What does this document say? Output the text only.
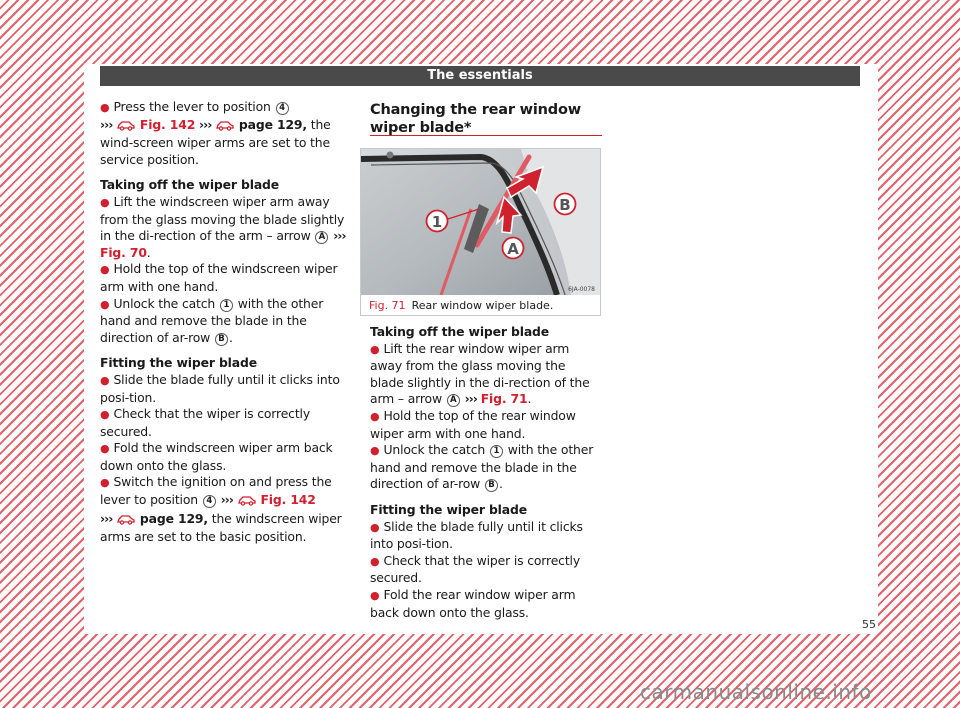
The essentials

● Press the lever to position 4
››› Fig. 142 ››› page 129, the wind-screen wiper arms are set to the service position.

Taking off the wiper blade

● Lift the windscreen wiper arm away from the glass moving the blade slightly in the di-rection of the arm – arrow A ››› Fig. 70.

● Hold the top of the windscreen wiper arm with one hand.

● Unlock the catch 1 with the other hand and remove the blade in the direction of ar-row B .

Fitting the wiper blade

● Slide the blade fully until it clicks into posi-tion.

● Check that the wiper is correctly secured.

● Fold the windscreen wiper arm back down onto the glass.

● Switch the ignition on and press the lever to position 4 ››› Fig. 142
››› page 129, the windscreen wiper arms are set to the basic position.

Changing the rear window wiper blade*
1
B
A
6JA-0078
Fig. 71 Rear window wiper blade.

Taking off the wiper blade

● Lift the rear window wiper arm away from the glass moving the blade slightly in the di-rection of the arm – arrow A ››› Fig. 71.

● Hold the top of the rear window wiper arm with one hand.

● Unlock the catch 1 with the other hand and remove the blade in the direction of ar-row B .

Fitting the wiper blade

● Slide the blade fully until it clicks into posi-tion.

● Check that the wiper is correctly secured.

● Fold the rear window wiper arm back down onto the glass.

55
carmanualsonline.info
